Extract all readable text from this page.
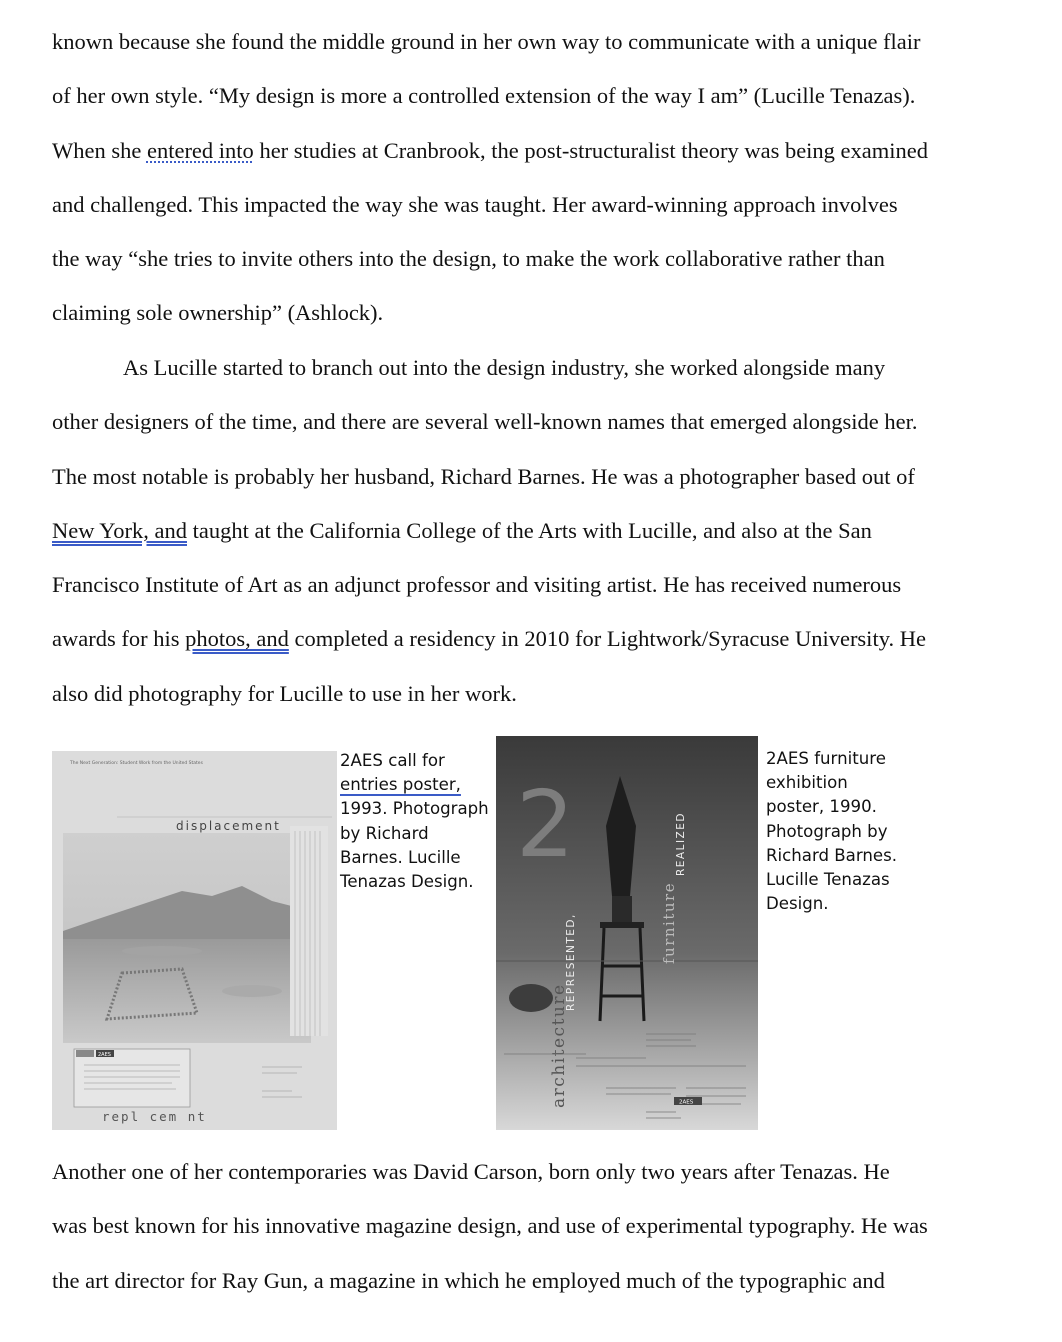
known because she found the middle ground in her own way to communicate with a unique flair
of her own style. “My design is more a controlled extension of the way I am” (Lucille Tenazas).
When she entered into her studies at Cranbrook, the post-structuralist theory was being examined
and challenged. This impacted the way she was taught. Her award-winning approach involves
the way “she tries to invite others into the design, to make the work collaborative rather than
claiming sole ownership” (Ashlock).
As Lucille started to branch out into the design industry, she worked alongside many
other designers of the time, and there are several well-known names that emerged alongside her.
The most notable is probably her husband, Richard Barnes. He was a photographer based out of
New York, and taught at the California College of the Arts with Lucille, and also at the San
Francisco Institute of Art as an adjunct professor and visiting artist. He has received numerous
awards for his photos, and completed a residency in 2010 for Lightwork/Syracuse University. He
also did photography for Lucille to use in her work.
The Next Generation: Student Work from the United States
displacement
2AES
repl cem nt
2AES call for
entries poster,
1993. Photograph
by Richard
Barnes. Lucille
Tenazas Design.
2
architecture
REPRESENTED,	furniture
REALIZED
2AES
2AES furniture
exhibition
poster, 1990.
Photograph by
Richard Barnes.
Lucille Tenazas
Design.
Another one of her contemporaries was David Carson, born only two years after Tenazas. He
was best known for his innovative magazine design, and use of experimental typography. He was
the art director for Ray Gun, a magazine in which he employed much of the typographic and
